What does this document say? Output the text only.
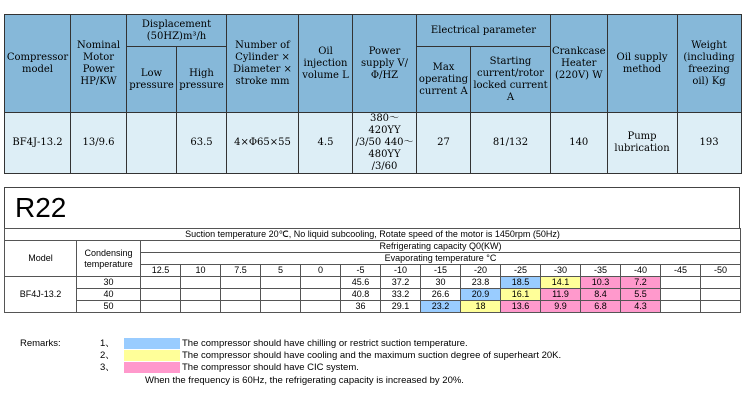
Compressor model	Nominal Motor Power HP/KW	Displacement (50HZ)m³/h		Number of Cylinder × Diameter × stroke mm	Oil injection volume L	Power supply V/Φ/HZ	Electrical parameter		Crankcase Heater (220V) W	Oil supply method	Weight (including freezing oil) Kg
		Low pressure	High pressure				Max operating current A	Starting current/rotor locked current A			
BF4J-13.2	13/9.6		63.5	4×Φ65×55	4.5	380～420YY /3/50 440～480YY /3/60	27	81/132	140	Pump lubrication	193
R22
Suction temperature 20℃, No liquid subcooling, Rotate speed of the motor is 1450rpm (50Hz)																
Model	Condensing temperature	Refrigerating capacity Q0(KW)														
		Evaporating temperature °C														
		12.5	10	7.5	5	0	-5	-10	-15	-20	-25	-30	-35	-40	-45	-50
BF4J-13.2	30						45.6	37.2	30	23.8	18.5	14.1	10.3	7.2		
	40						40.8	33.2	26.6	20.9	16.1	11.9	8.4	5.5		
	50						36	29.1	23.2	18	13.6	9.9	6.8	4.3		
Remarks:	1、	The compressor should have chilling or restrict suction temperature.
2、	The compressor should have cooling and the maximum suction degree of superheart 20K.
3、	The compressor should have CIC system.
When the frequency is 60Hz, the refrigerating capacity is increased by 20%.
